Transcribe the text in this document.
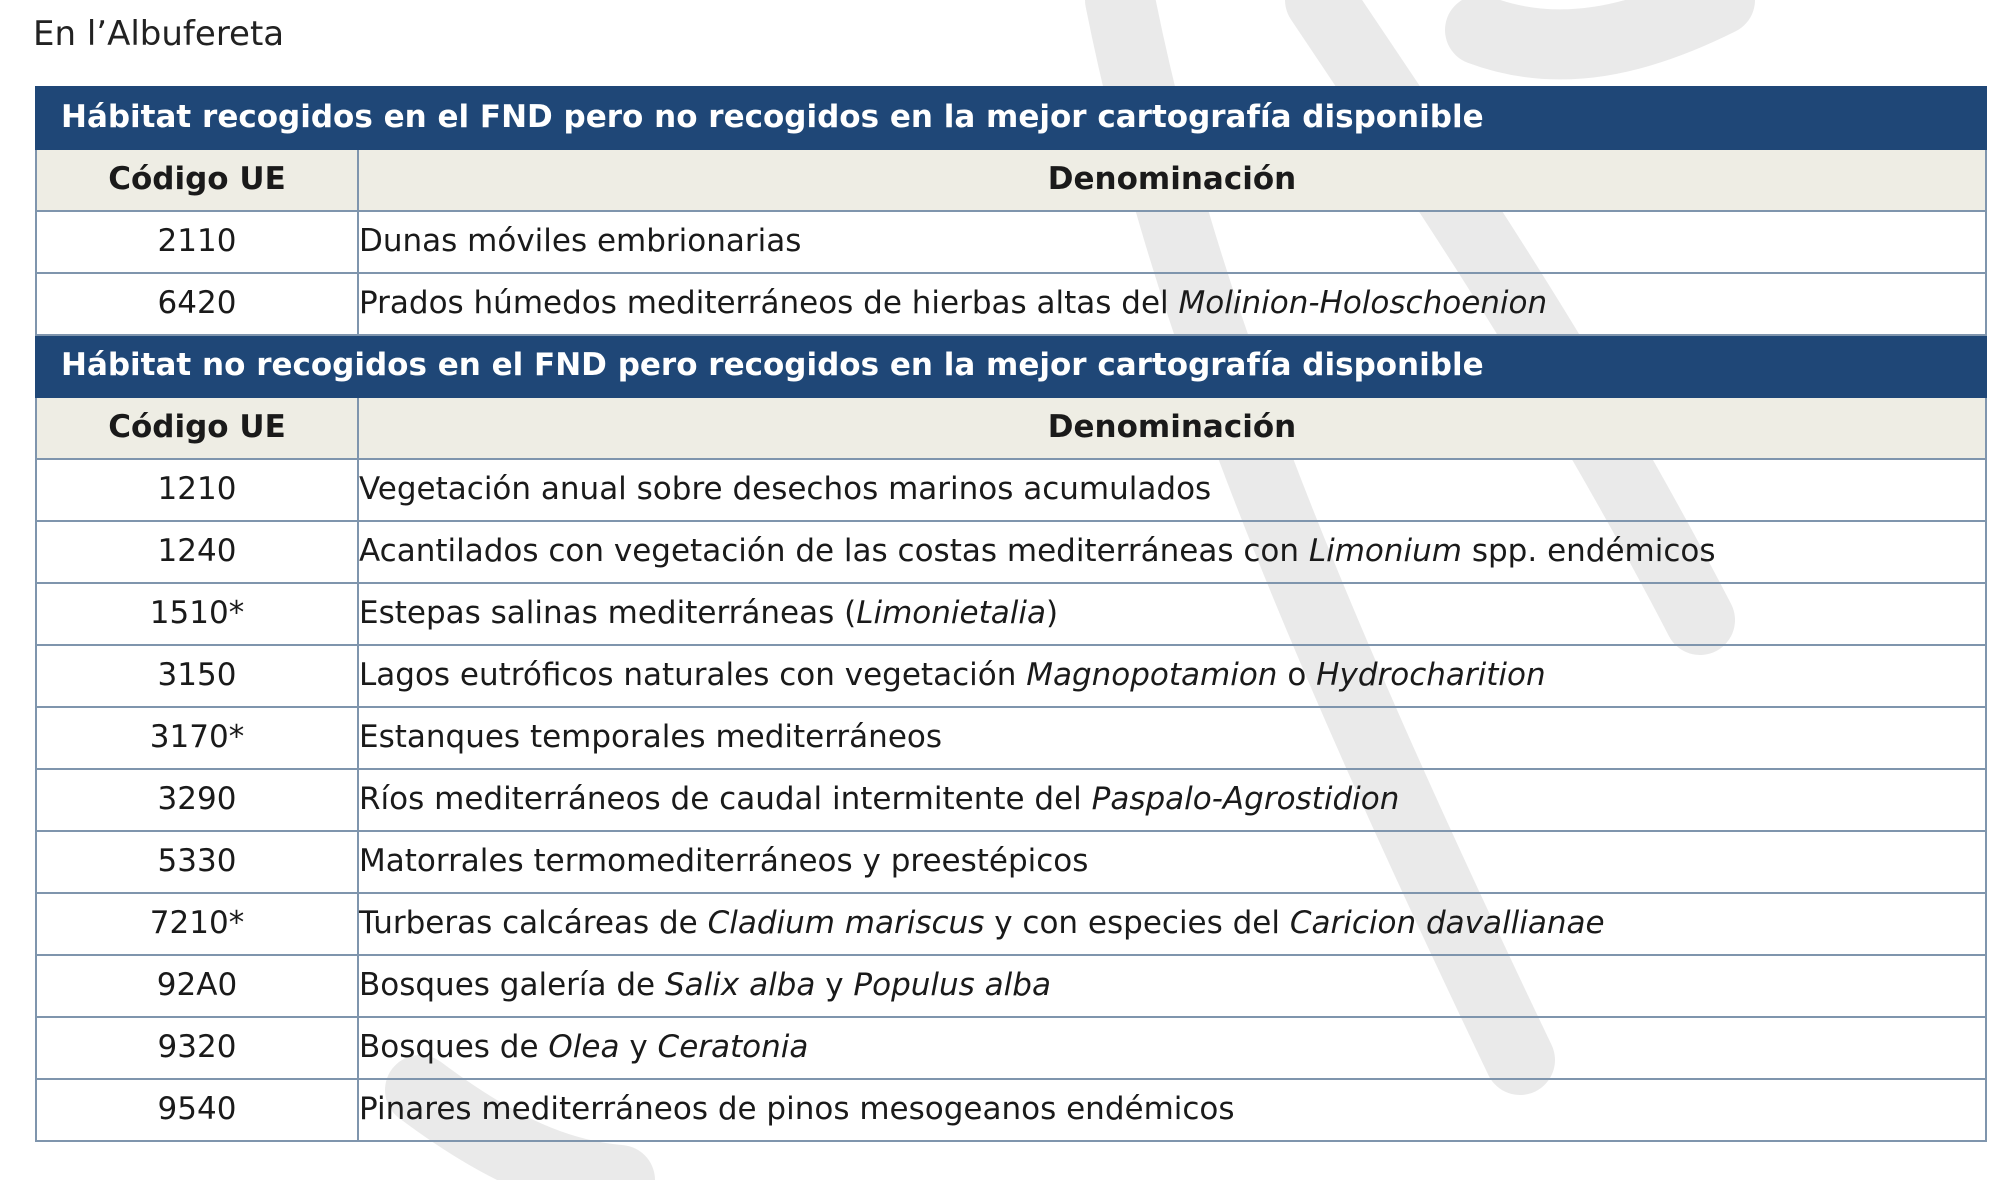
En l’Albufereta
Hábitat recogidos en el FND pero no recogidos en la mejor cartografía disponible	
Código UE	Denominación
2110	Dunas móviles embrionarias
6420	Prados húmedos mediterráneos de hierbas altas del Molinion-Holoschoenion
Hábitat no recogidos en el FND pero recogidos en la mejor cartografía disponible	
Código UE	Denominación
1210	Vegetación anual sobre desechos marinos acumulados
1240	Acantilados con vegetación de las costas mediterráneas con Limonium spp. endémicos
1510*	Estepas salinas mediterráneas (Limonietalia)
3150	Lagos eutróficos naturales con vegetación Magnopotamion o Hydrocharition
3170*	Estanques temporales mediterráneos
3290	Ríos mediterráneos de caudal intermitente del Paspalo-Agrostidion
5330	Matorrales termomediterráneos y preestépicos
7210*	Turberas calcáreas de Cladium mariscus y con especies del Caricion davallianae
92A0	Bosques galería de Salix alba y Populus alba
9320	Bosques de Olea y Ceratonia
9540	Pinares mediterráneos de pinos mesogeanos endémicos
